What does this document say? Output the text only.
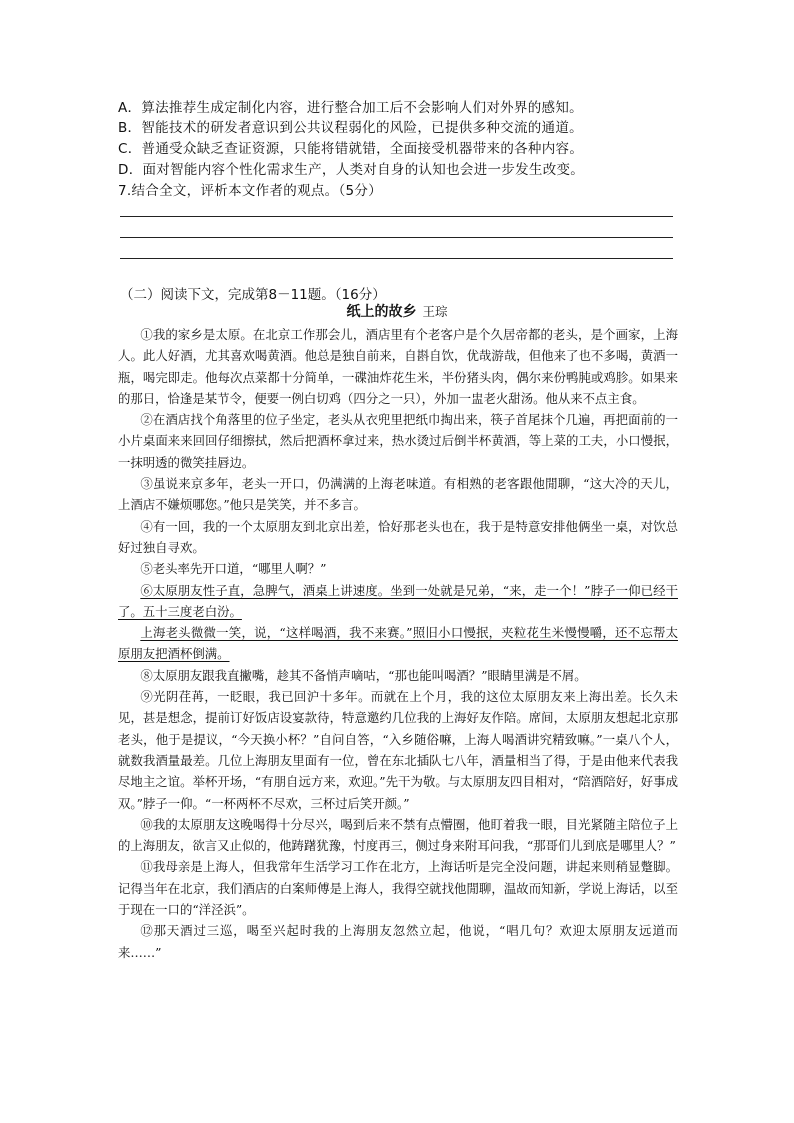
A．算法推荐生成定制化内容，进行整合加工后不会影响人们对外界的感知。
B．智能技术的研发者意识到公共议程弱化的风险，已提供多种交流的通道。
C．普通受众缺乏查证资源，只能将错就错，全面接受机器带来的各种内容。
D．面对智能内容个性化需求生产，人类对自身的认知也会进一步发生改变。
7.结合全文，评析本文作者的观点。（5分）
（二）阅读下文，完成第8－11题。（16分）
纸上的故乡 王琮

①我的家乡是太原。在北京工作那会儿，酒店里有个老客户是个久居帝都的老头，是个画家，上海人。此人好酒，尤其喜欢喝黄酒。他总是独自前来，自斟自饮，优哉游哉，但他来了也不多喝，黄酒一瓶，喝完即走。他每次点菜都十分简单，一碟油炸花生米，半份猪头肉，偶尔来份鸭肫或鸡胗。如果来的那日，恰逢是某节令，便要一例白切鸡（四分之一只），外加一盅老火甜汤。他从来不点主食。

②在酒店找个角落里的位子坐定，老头从衣兜里把纸巾掏出来，筷子首尾抹个几遍，再把面前的一小片桌面来来回回仔细擦拭，然后把酒杯拿过来，热水烫过后倒半杯黄酒，等上菜的工夫，小口慢抿，一抹明透的微笑挂唇边。

③虽说来京多年，老头一开口，仍满满的上海老味道。有相熟的老客跟他閒聊，“这大冷的天儿，上酒店不嫌烦哪您。”他只是笑笑，并不多言。

④有一回，我的一个太原朋友到北京出差，恰好那老头也在，我于是特意安排他俩坐一桌，对饮总好过独自寻欢。

⑤老头率先开口道，“哪里人啊？”

⑥太原朋友性子直，急脾气，酒桌上讲速度。坐到一处就是兄弟，“来，走一个！”脖子一仰已经干了。五十三度老白汾。

上海老头微微一笑，说，“这样喝酒，我不来赛。”照旧小口慢抿，夹粒花生米慢慢嚼，还不忘帮太原朋友把酒杯倒满。

⑧太原朋友跟我直撇嘴，趁其不备悄声嘀咕，“那也能叫喝酒？”眼睛里满是不屑。

⑨光阴荏苒，一眨眼，我已回沪十多年。而就在上个月，我的这位太原朋友来上海出差。长久未见，甚是想念，提前订好饭店设宴款待，特意邀约几位我的上海好友作陪。席间，太原朋友想起北京那老头，他于是提议，“今天换小杯？”自问自答，“入乡随俗嘛，上海人喝酒讲究精致嘛。”一桌八个人，就数我酒量最差。几位上海朋友里面有一位，曾在东北插队七八年，酒量相当了得，于是由他来代表我尽地主之谊。举杯开场，“有朋自远方来，欢迎。”先干为敬。与太原朋友四目相对，“陪酒陪好，好事成双。”脖子一仰。“一杯两杯不尽欢，三杯过后笑开颜。”

⑩我的太原朋友这晚喝得十分尽兴，喝到后来不禁有点懵圈，他盯着我一眼，目光紧随主陪位子上的上海朋友，欲言又止似的，他踌躇犹豫，忖度再三，侧过身来附耳问我，“那哥们儿到底是哪里人？”

⑪我母亲是上海人，但我常年生活学习工作在北方，上海话听是完全没问题，讲起来则稍显蹩脚。记得当年在北京，我们酒店的白案师傅是上海人，我得空就找他閒聊，温故而知新，学说上海话，以至于现在一口的“洋泾浜”。

⑫那天酒过三巡，喝至兴起时我的上海朋友忽然立起，他说，“唱几句？欢迎太原朋友远道而来……”
